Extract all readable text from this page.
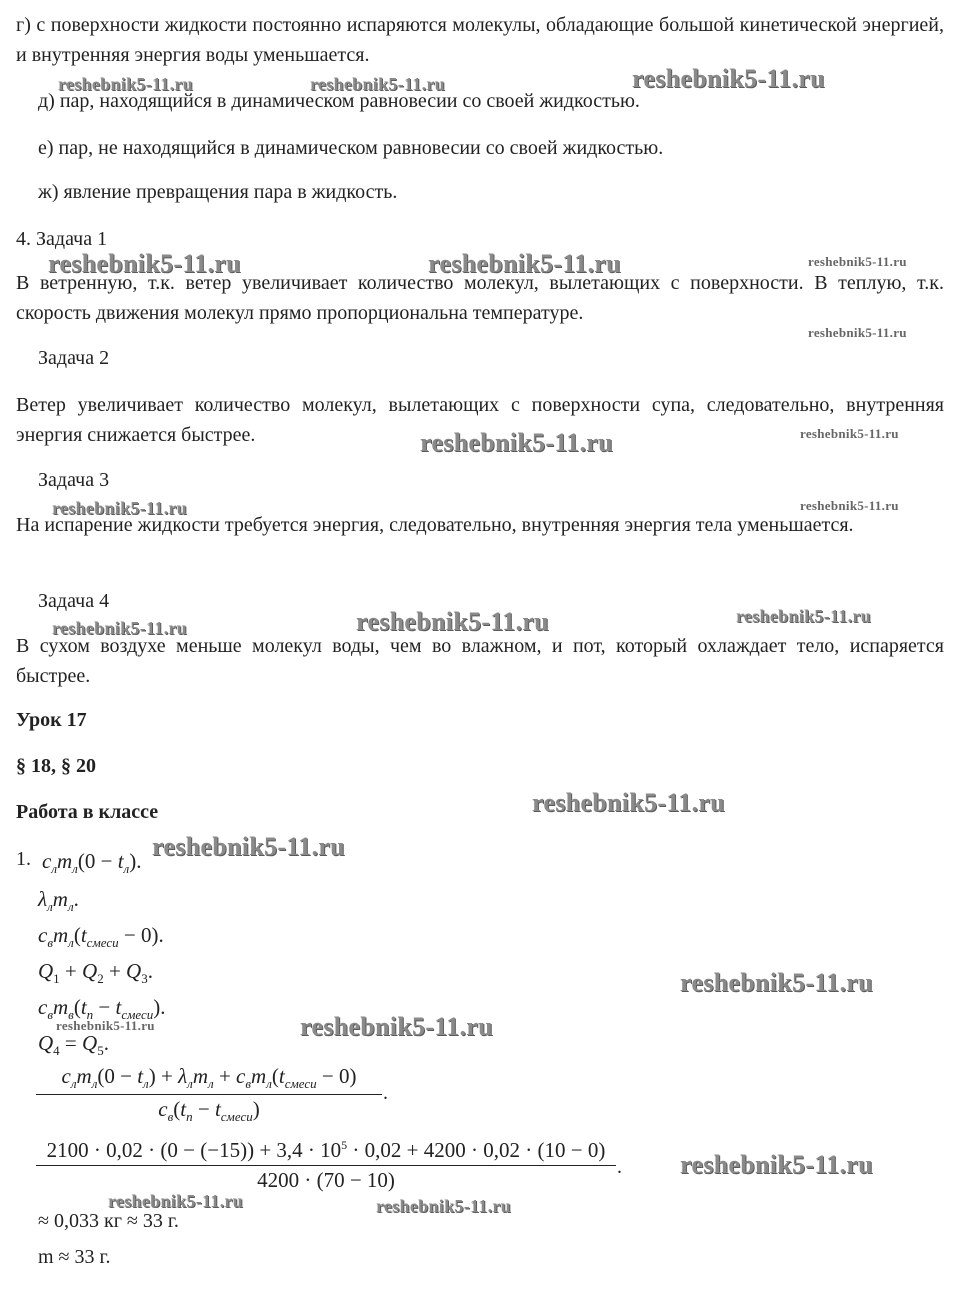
г) с поверхности жидкости постоянно испаряются молекулы, обладающие большой кинетической энергией, и внутренняя энергия воды уменьшается.
д) пар, находящийся в динамическом равновесии со своей жидкостью.
е) пар, не находящийся в динамическом равновесии со своей жидкостью.
ж) явление превращения пара в жидкость.
4. Задача 1
В ветренную, т.к. ветер увеличивает количество молекул, вылетающих с поверхности. В теплую, т.к. скорость движения молекул прямо пропорциональна температуре.
Задача 2
Ветер увеличивает количество молекул, вылетающих с поверхности супа, следовательно, внутренняя энергия снижается быстрее.
Задача 3
На испарение жидкости требуется энергия, следовательно, внутренняя энергия тела уменьшается.
Задача 4
В сухом воздухе меньше молекул воды, чем во влажном, и пот, который охлаждает тело, испаряется быстрее.
Урок 17
§ 18, § 20
Работа в классе
1. $c_лm_л(0 - t_л)$.
$\lambda_лm_л$.
$c_вm_л(t_{смеси} - 0)$.
$Q_1 + Q_2 + Q_3$.
$c_вm_в(t_п - t_{смеси})$.
$Q_4 = Q_5$.
$c_лm_л(0 - t_л) + \lambda_лm_л + c_вm_л(t_{смеси} - 0)$
$c_в(t_п - t_{смеси})$
.
$2100 \cdot 0,02 \cdot (0 - (-15)) + 3,4 \cdot 10^5 \cdot 0,02 + 4200 \cdot 0,02 \cdot (10 - 0)$
4200 · (70 − 10)
.
≈ 0,033 кг ≈ 33 г.
m ≈ 33 г.
reshebnik5-11.ru	reshebnik5-11.ru	reshebnik5-11.ru
reshebnik5-11.ru	reshebnik5-11.ru	reshebnik5-11.ru
reshebnik5-11.ru
reshebnik5-11.ru	reshebnik5-11.ru
reshebnik5-11.ru	reshebnik5-11.ru
reshebnik5-11.ru	reshebnik5-11.ru
reshebnik5-11.ru
reshebnik5-11.ru
reshebnik5-11.ru
reshebnik5-11.ru
reshebnik5-11.ru	reshebnik5-11.ru
reshebnik5-11.ru
reshebnik5-11.ru	reshebnik5-11.ru
